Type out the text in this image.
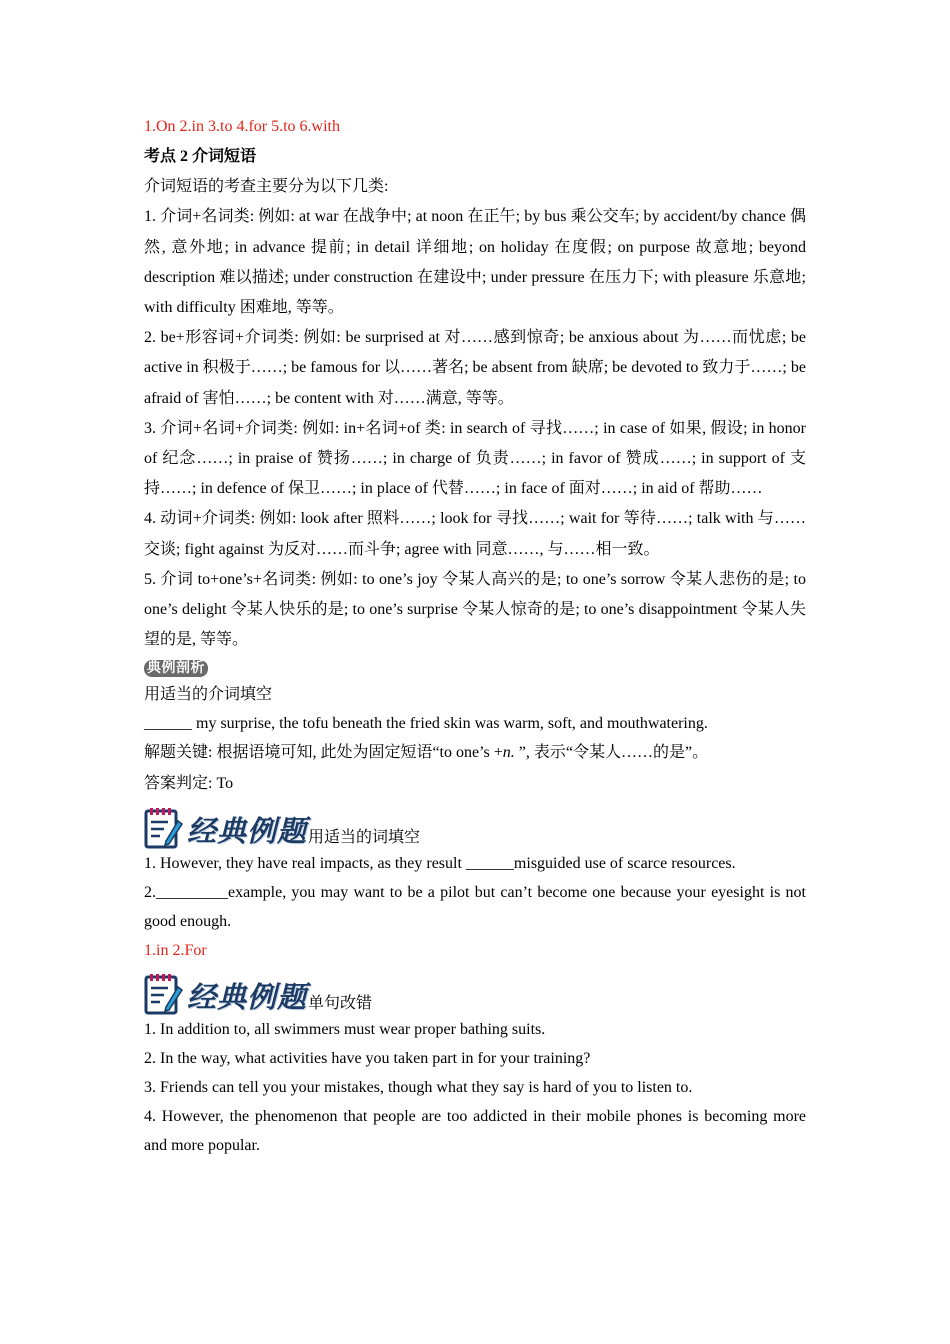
1.On 2.in 3.to 4.for 5.to 6.with

考点 2 介词短语

介词短语的考查主要分为以下几类:

1. 介词+名词类: 例如: at war 在战争中; at noon 在正午; by bus 乘公交车; by accident/by chance 偶然, 意外地; in advance 提前; in detail 详细地; on holiday 在度假; on purpose 故意地; beyond description 难以描述; under construction 在建设中; under pressure 在压力下; with pleasure 乐意地; with difficulty 困难地, 等等。

2. be+形容词+介词类: 例如: be surprised at 对……感到惊奇; be anxious about 为……而忧虑; be active in 积极于……; be famous for 以……著名; be absent from 缺席; be devoted to 致力于……; be afraid of 害怕……; be content with 对……满意, 等等。

3. 介词+名词+介词类: 例如: in+名词+of 类: in search of 寻找……; in case of 如果, 假设; in honor of 纪念……; in praise of 赞扬……; in charge of 负责……; in favor of 赞成……; in support of 支持……; in defence of 保卫……; in place of 代替……; in face of 面对……; in aid of 帮助……

4. 动词+介词类: 例如: look after 照料……; look for 寻找……; wait for 等待……; talk with 与……交谈; fight against 为反对……而斗争; agree with 同意……, 与……相一致。

5. 介词 to+one’s+名词类: 例如: to one’s joy 令某人高兴的是; to one’s sorrow 令某人悲伤的是; to one’s delight 令某人快乐的是; to one’s surprise 令某人惊奇的是; to one’s disappointment 令某人失望的是, 等等。

典例剖析

用适当的介词填空

______ my surprise, the tofu beneath the fried skin was warm, soft, and mouthwatering.

解题关键: 根据语境可知, 此处为固定短语“to one’s +n. ”, 表示“令某人……的是”。

答案判定: To

经典例题 用适当的词填空

1. However, they have real impacts, as they result ______misguided use of scarce resources.

2._________example, you may want to be a pilot but can’t become one because your eyesight is not good enough.

1.in 2.For

经典例题 单句改错

1. In addition to, all swimmers must wear proper bathing suits.

2. In the way, what activities have you taken part in for your training?

3. Friends can tell you your mistakes, though what they say is hard of you to listen to.

4. However, the phenomenon that people are too addicted in their mobile phones is becoming more and more popular.
